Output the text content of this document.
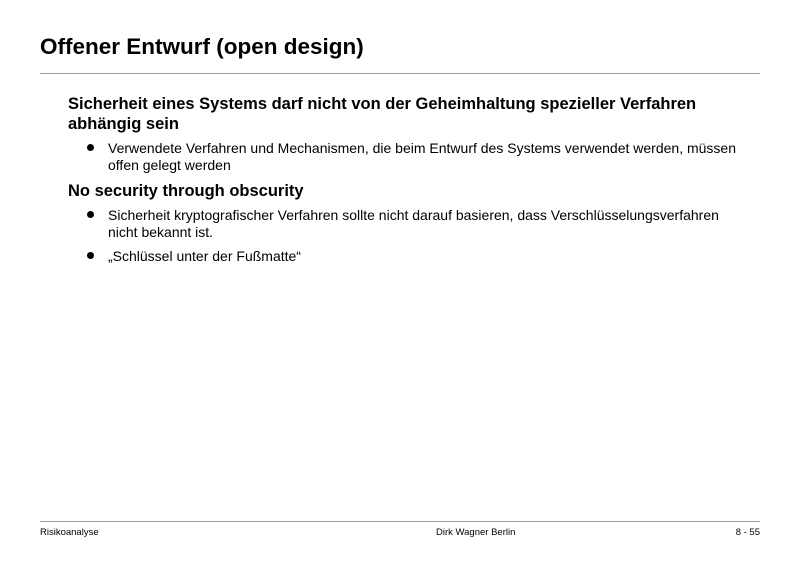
Offener Entwurf (open design)

Sicherheit eines Systems darf nicht von der Geheimhaltung spezieller Verfahren abhängig sein

Verwendete Verfahren und Mechanismen, die beim Entwurf des Systems verwendet werden, müssen offen gelegt werden

No security through obscurity

Sicherheit kryptografischer Verfahren sollte nicht darauf basieren, dass Verschlüsselungsverfahren nicht bekannt ist.
„Schlüssel unter der Fußmatte“
Risikoanalyse	Dirk Wagner Berlin	8 - 55
